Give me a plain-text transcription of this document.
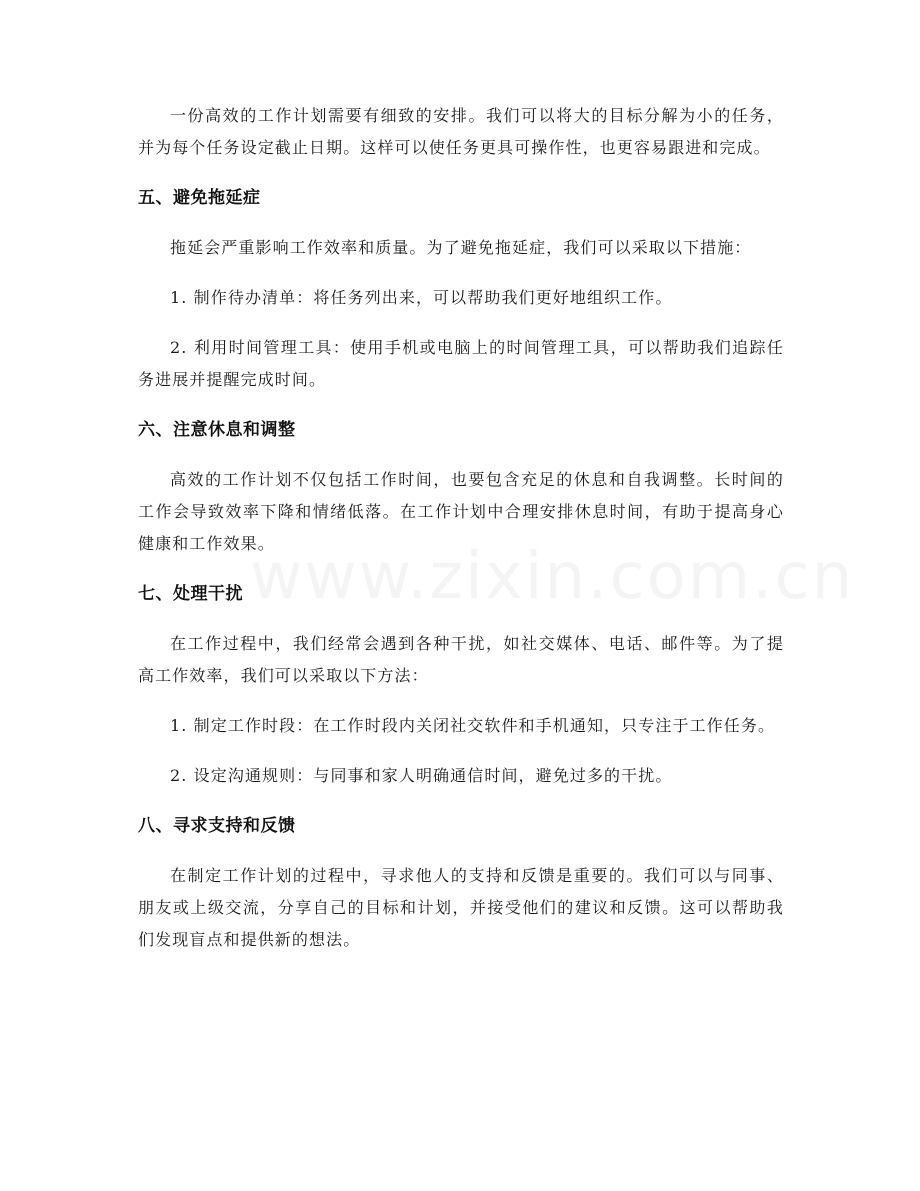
一份高效的工作计划需要有细致的安排。我们可以将大的目标分解为小的任务，并为每个任务设定截止日期。这样可以使任务更具可操作性，也更容易跟进和完成。

五、避免拖延症

拖延会严重影响工作效率和质量。为了避免拖延症，我们可以采取以下措施：

1. 制作待办清单：将任务列出来，可以帮助我们更好地组织工作。

2. 利用时间管理工具：使用手机或电脑上的时间管理工具，可以帮助我们追踪任务进展并提醒完成时间。

六、注意休息和调整

高效的工作计划不仅包括工作时间，也要包含充足的休息和自我调整。长时间的工作会导致效率下降和情绪低落。在工作计划中合理安排休息时间，有助于提高身心健康和工作效果。

七、处理干扰

在工作过程中，我们经常会遇到各种干扰，如社交媒体、电话、邮件等。为了提高工作效率，我们可以采取以下方法：

1. 制定工作时段：在工作时段内关闭社交软件和手机通知，只专注于工作任务。

2. 设定沟通规则：与同事和家人明确通信时间，避免过多的干扰。

八、寻求支持和反馈

在制定工作计划的过程中，寻求他人的支持和反馈是重要的。我们可以与同事、朋友或上级交流，分享自己的目标和计划，并接受他们的建议和反馈。这可以帮助我们发现盲点和提供新的想法。
